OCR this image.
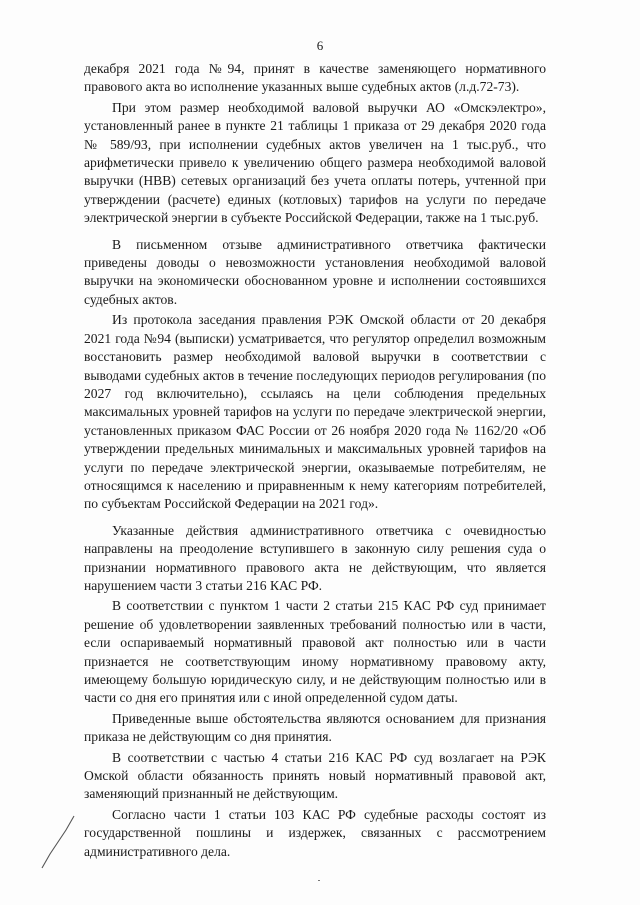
6

декабря 2021 года №94, принят в качестве заменяющего нормативного правового акта во исполнение указанных выше судебных актов (л.д.72-73).

При этом размер необходимой валовой выручки АО «Омскэлектро», установленный ранее в пункте 21 таблицы 1 приказа от 29 декабря 2020 года № 589/93, при исполнении судебных актов увеличен на 1 тыс.руб., что арифметически привело к увеличению общего размера необходимой валовой выручки (НВВ) сетевых организаций без учета оплаты потерь, учтенной при утверждении (расчете) единых (котловых) тарифов на услуги по передаче электрической энергии в субъекте Российской Федерации, также на 1 тыс.руб.

В письменном отзыве административного ответчика фактически приведены доводы о невозможности установления необходимой валовой выручки на экономически обоснованном уровне и исполнении состоявшихся судебных актов.

Из протокола заседания правления РЭК Омской области от 20 декабря 2021 года №94 (выписки) усматривается, что регулятор определил возможным восстановить размер необходимой валовой выручки в соответствии с выводами судебных актов в течение последующих периодов регулирования (по 2027 год включительно), ссылаясь на цели соблюдения предельных максимальных уровней тарифов на услуги по передаче электрической энергии, установленных приказом ФАС России от 26 ноября 2020 года № 1162/20 «Об утверждении предельных минимальных и максимальных уровней тарифов на услуги по передаче электрической энергии, оказываемые потребителям, не относящимся к населению и приравненным к нему категориям потребителей, по субъектам Российской Федерации на 2021 год».

Указанные действия административного ответчика с очевидностью направлены на преодоление вступившего в законную силу решения суда о признании нормативного правового акта не действующим, что является нарушением части 3 статьи 216 КАС РФ.

В соответствии с пунктом 1 части 2 статьи 215 КАС РФ суд принимает решение об удовлетворении заявленных требований полностью или в части, если оспариваемый нормативный правовой акт полностью или в части признается не соответствующим иному нормативному правовому акту, имеющему большую юридическую силу, и не действующим полностью или в части со дня его принятия или с иной определенной судом даты.

Приведенные выше обстоятельства являются основанием для признания приказа не действующим со дня принятия.

В соответствии с частью 4 статьи 216 КАС РФ суд возлагает на РЭК Омской области обязанность принять новый нормативный правовой акт, заменяющий признанный не действующим.

Согласно части 1 статьи 103 КАС РФ судебные расходы состоят из государственной пошлины и издержек, связанных с рассмотрением административного дела.
